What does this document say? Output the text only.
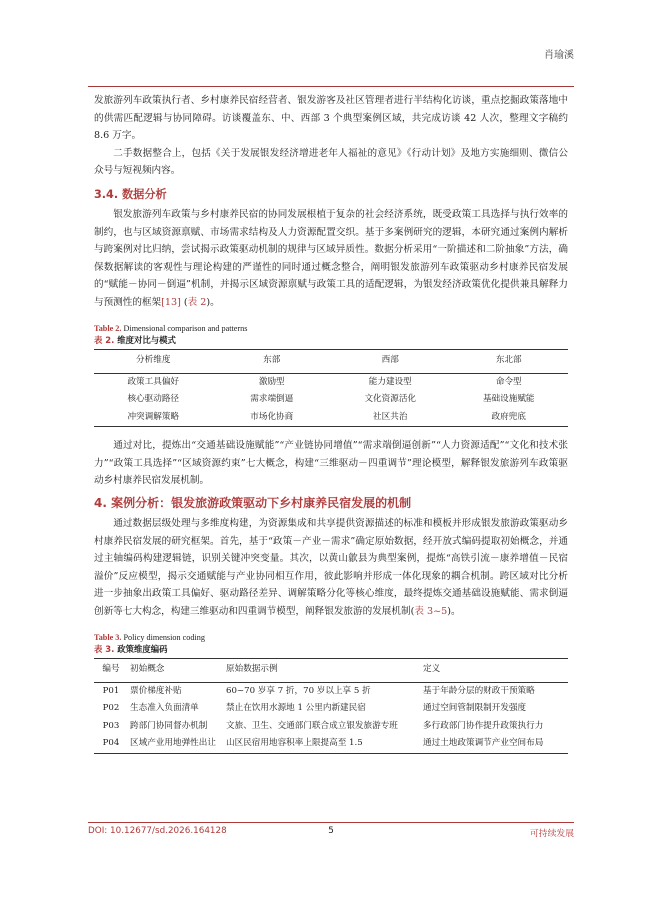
肖瑜溪

发旅游列车政策执行者、乡村康养民宿经营者、银发游客及社区管理者进行半结构化访谈，重点挖掘政策落地中的供需匹配逻辑与协同障碍。访谈覆盖东、中、西部 3 个典型案例区域，共完成访谈 42 人次，整理文字稿约 8.6 万字。

二手数据整合上，包括《关于发展银发经济增进老年人福祉的意见》《行动计划》及地方实施细则、微信公众号与短视频内容。

3.4. 数据分析

银发旅游列车政策与乡村康养民宿的协同发展根植于复杂的社会经济系统，既受政策工具选择与执行效率的制约，也与区域资源禀赋、市场需求结构及人力资源配置交织。基于多案例研究的逻辑，本研究通过案例内解析与跨案例对比归纳，尝试揭示政策驱动机制的规律与区域异质性。数据分析采用“一阶描述和二阶抽象”方法，确保数据解读的客观性与理论构建的严谨性的同时通过概念整合，阐明银发旅游列车政策驱动乡村康养民宿发展的“赋能－协同－倒逼”机制，并揭示区域资源禀赋与政策工具的适配逻辑，为银发经济政策优化提供兼具解释力与预测性的框架[13] (表 2)。

Table 2. Dimensional comparison and patterns
表 2. 维度对比与模式
分析维度	东部	西部	东北部
政策工具偏好	激励型	能力建设型	命令型
核心驱动路径	需求端倒逼	文化资源活化	基础设施赋能
冲突调解策略	市场化协商	社区共治	政府兜底

通过对比，提炼出“交通基础设施赋能”“产业链协同增值”“需求端倒逼创新”“人力资源适配”“文化和技术张力”“政策工具选择”“区域资源约束”七大概念，构建“三维驱动－四重调节”理论模型，解释银发旅游列车政策驱动乡村康养民宿发展机制。

4. 案例分析：银发旅游政策驱动下乡村康养民宿发展的机制

通过数据层级处理与多维度构建，为资源集成和共享提供资源描述的标准和模板并形成银发旅游政策驱动乡村康养民宿发展的研究框架。首先，基于“政策－产业－需求”确定原始数据，经开放式编码提取初始概念，并通过主轴编码构建逻辑链，识别关键冲突变量。其次，以黄山歙县为典型案例，提炼“高铁引流－康养增值－民宿溢价”反应模型，揭示交通赋能与产业协同相互作用，彼此影响并形成一体化现象的耦合机制。跨区域对比分析进一步抽象出政策工具偏好、驱动路径差异、调解策略分化等核心维度，最终提炼交通基础设施赋能、需求倒逼创新等七大构念，构建三维驱动和四重调节模型，阐释银发旅游的发展机制(表 3~5)。

Table 3. Policy dimension coding
表 3. 政策维度编码
编号	初始概念	原始数据示例	定义
P01	票价梯度补贴	60~70 岁享 7 折，70 岁以上享 5 折	基于年龄分层的财政干预策略
P02	生态准入负面清单	禁止在饮用水源地 1 公里内新建民宿	通过空间管制限制开发强度
P03	跨部门协同督办机制	文旅、卫生、交通部门联合成立银发旅游专班	多行政部门协作提升政策执行力
P04	区域产业用地弹性出让	山区民宿用地容积率上限提高至 1.5	通过土地政策调节产业空间布局
DOI: 10.12677/sd.2026.164128	5	可持续发展
